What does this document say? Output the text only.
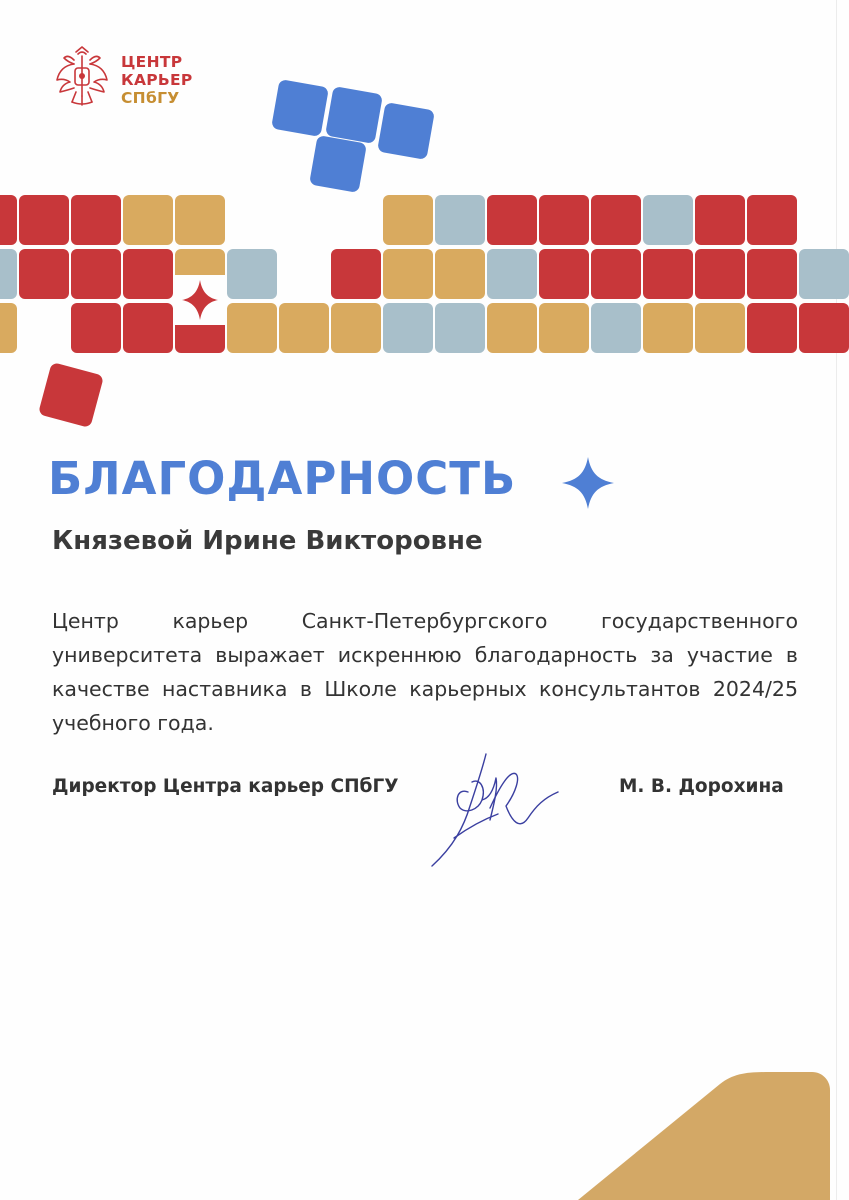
ЦЕНТР
КАРЬЕР
СПбГУ
БЛАГОДАРНОСТЬ
Князевой Ирине Викторовне
Центр карьер Санкт-Петербургского государственного университета выражает искреннюю благодарность за участие в качестве наставника в Школе карьерных консультантов 2024/25 учебного года.
Директор Центра карьер СПбГУ	М. В. Дорохина
